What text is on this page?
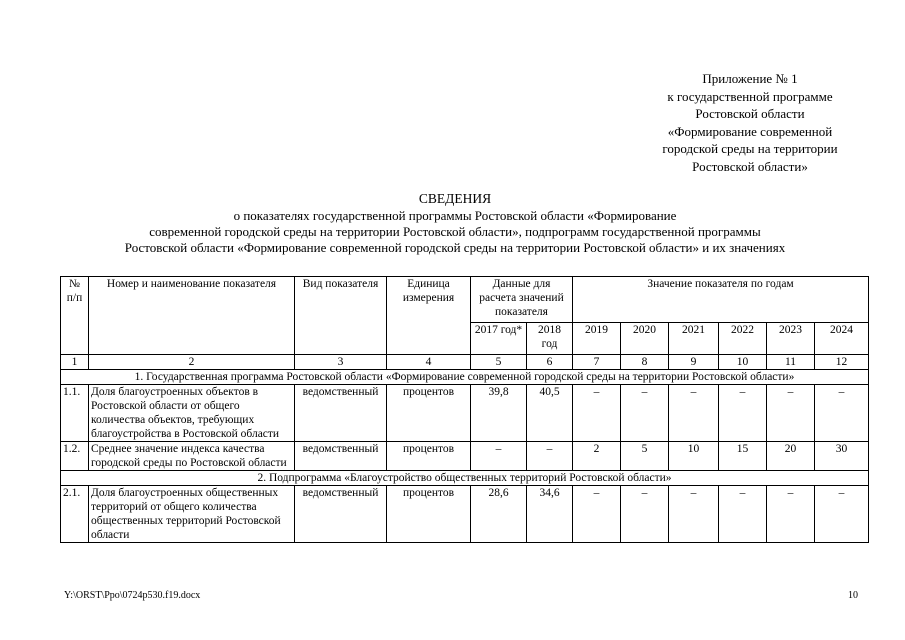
Приложение № 1
к государственной программе
Ростовской области
«Формирование современной
городской среды на территории
Ростовской области»
СВЕДЕНИЯ
о показателях государственной программы Ростовской области «Формирование
современной городской среды на территории Ростовской области», подпрограмм государственной программы
Ростовской области «Формирование современной городской среды на территории Ростовской области» и их значениях
№ п/п	Номер и наименование показателя	Вид показателя	Единица измерения	Данные для расчета значений показателя		Значение показателя по годам					
				2017 год*	2018 год	2019	2020	2021	2022	2023	2024
1	2	3	4	5	6	7	8	9	10	11	12
1. Государственная программа Ростовской области «Формирование современной городской среды на территории Ростовской области»											
1.1.	Доля благоустроенных объектов в Ростовской области от общего количества объектов, требующих благоустройства в Ростовской области	ведомственный	процентов	39,8	40,5	–	–	–	–	–	–
1.2.	Среднее значение индекса качества городской среды по Ростовской области	ведомственный	процентов	–	–	2	5	10	15	20	30
2. Подпрограмма «Благоустройство общественных территорий Ростовской области»											
2.1.	Доля благоустроенных общественных территорий от общего количества общественных территорий Ростовской области	ведомственный	процентов	28,6	34,6	–	–	–	–	–	–
Y:\ORST\Ppo\0724p530.f19.docx	10
